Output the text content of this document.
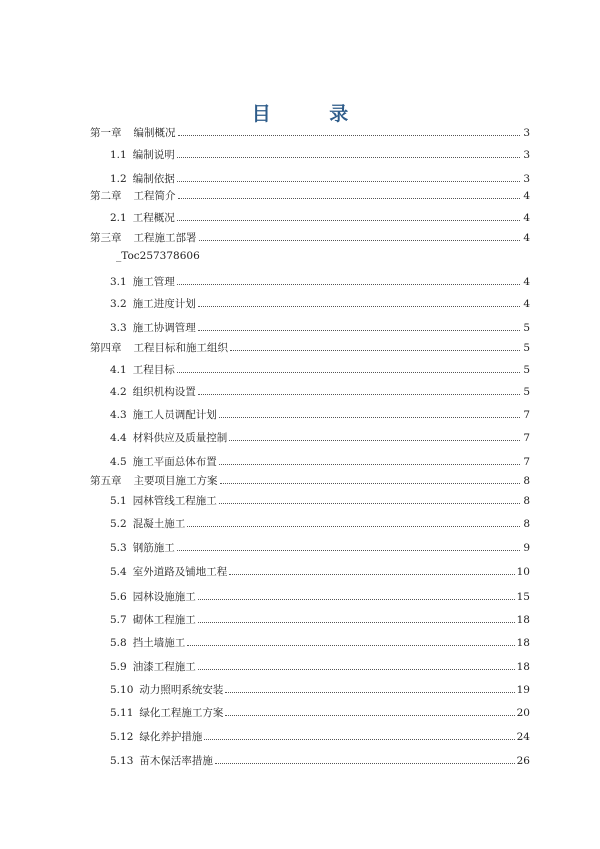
目 录
第一章 编制概况	3
1.1 编制说明	3
1.2 编制依据	3
第二章 工程简介	4
2.1 工程概况	4
第三章 工程施工部署	4
_Toc257378606
3.1 施工管理	4
3.2 施工进度计划	4
3.3 施工协调管理	5
第四章 工程目标和施工组织	5
4.1 工程目标	5
4.2 组织机构设置	5
4.3 施工人员调配计划	7
4.4 材料供应及质量控制	7
4.5 施工平面总体布置	7
第五章 主要项目施工方案	8
5.1 园林管线工程施工	8
5.2 混凝土施工	8
5.3 钢筋施工	9
5.4 室外道路及铺地工程	10
5.6 园林设施施工	15
5.7 砌体工程施工	18
5.8 挡土墙施工	18
5.9 油漆工程施工	18
5.10 动力照明系统安装	19
5.11 绿化工程施工方案	20
5.12 绿化养护措施	24
5.13 苗木保活率措施	26
